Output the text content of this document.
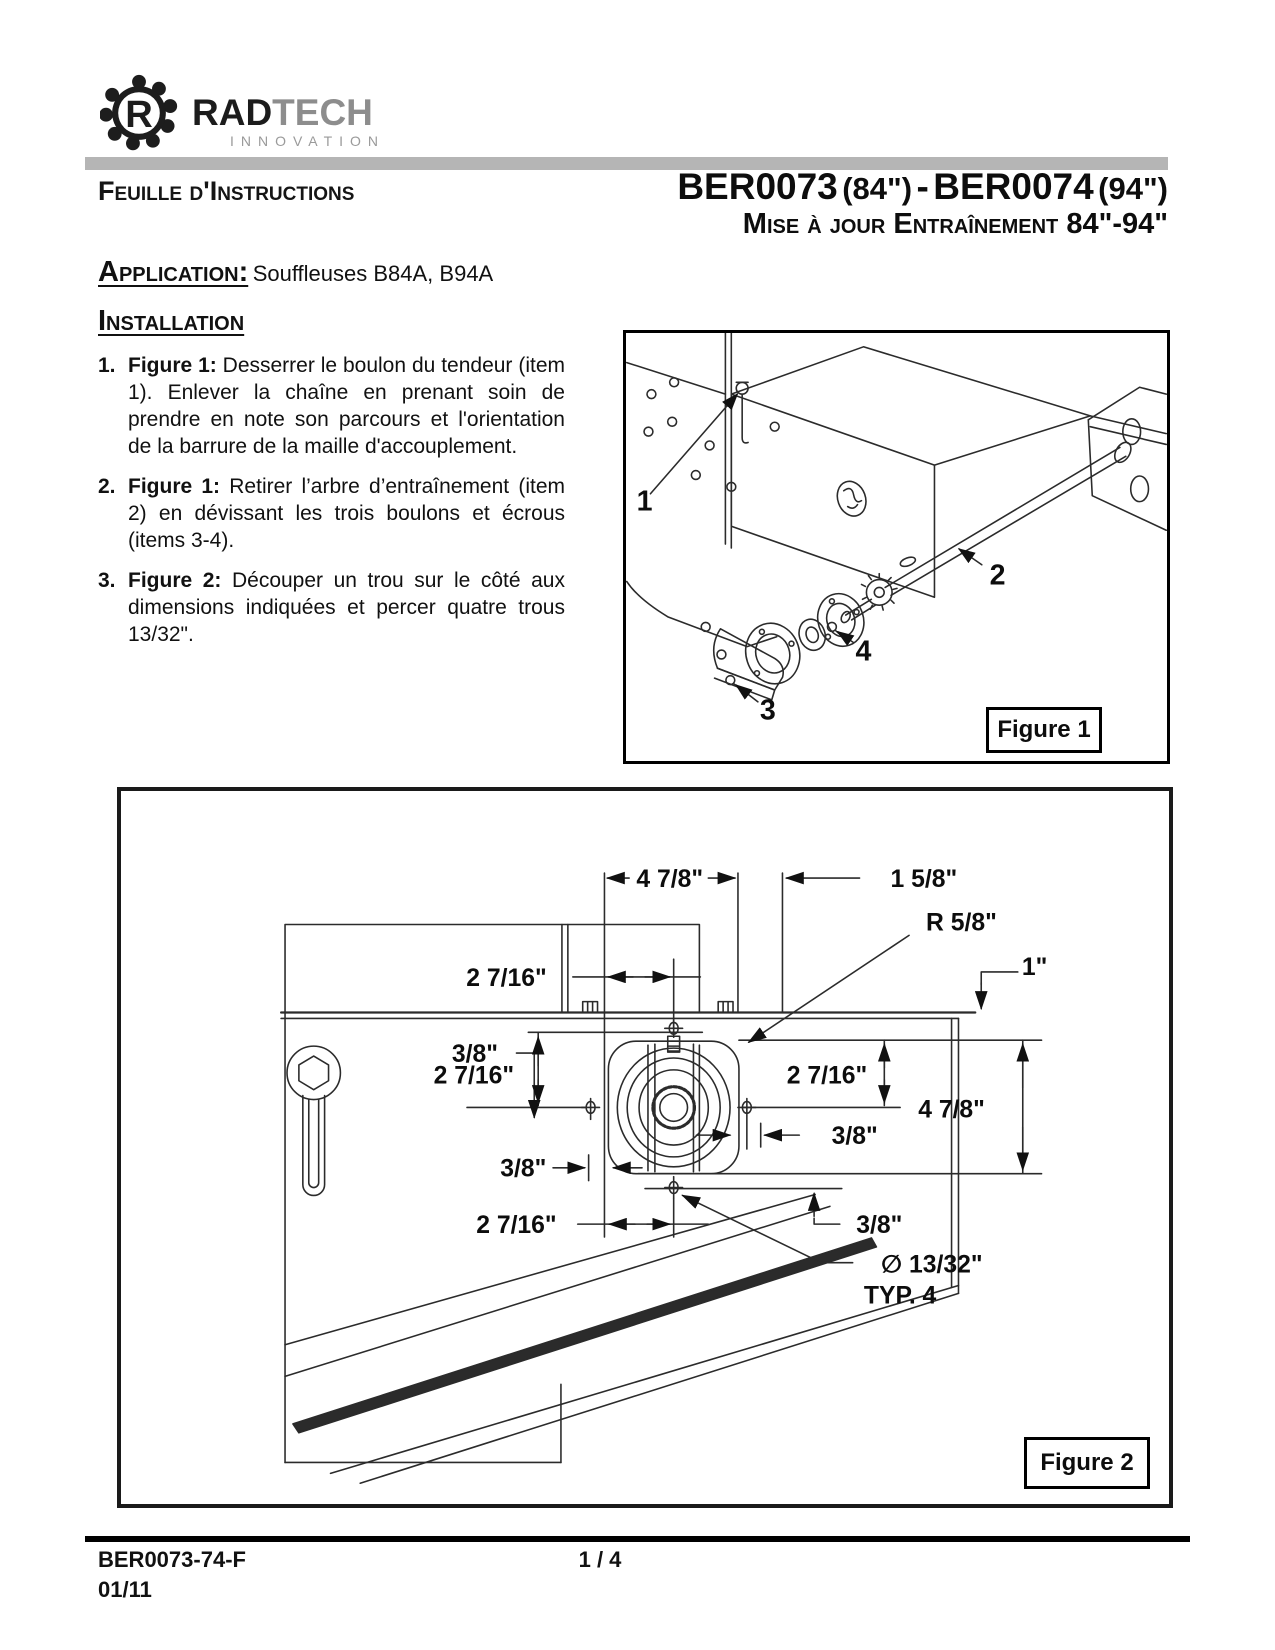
R RADTECH
INNOVATION
Feuille d'Instructions	BER0073 (84") - BER0074 (94")
Mise à jour Entraînement 84"-94"
Application: Souffleuses B84A, B94A
Installation
1. Figure 1: Desserrer le boulon du tendeur (item 1). Enlever la chaîne en prenant soin de prendre en note son parcours et l'orientation de la barrure de la maille d'accouplement.
2. Figure 1: Retirer l’arbre d’entraînement (item 2) en dévissant les trois boulons et écrous (items 3-4).
3. Figure 2: Découper un trou sur le côté aux dimensions indiquées et percer quatre trous 13/32".
1
2
3
4
Figure 1
4 7/8"	1 5/8"
2 7/16"
R 5/8"
1"
3/8"
2 7/16"	2 7/16"
4 7/8"
3/8"
3/8"
2 7/16"	3/8"
∅ 13/32"
TYP. 4
Figure 2
BER0073-74-F	1 / 4
01/11
